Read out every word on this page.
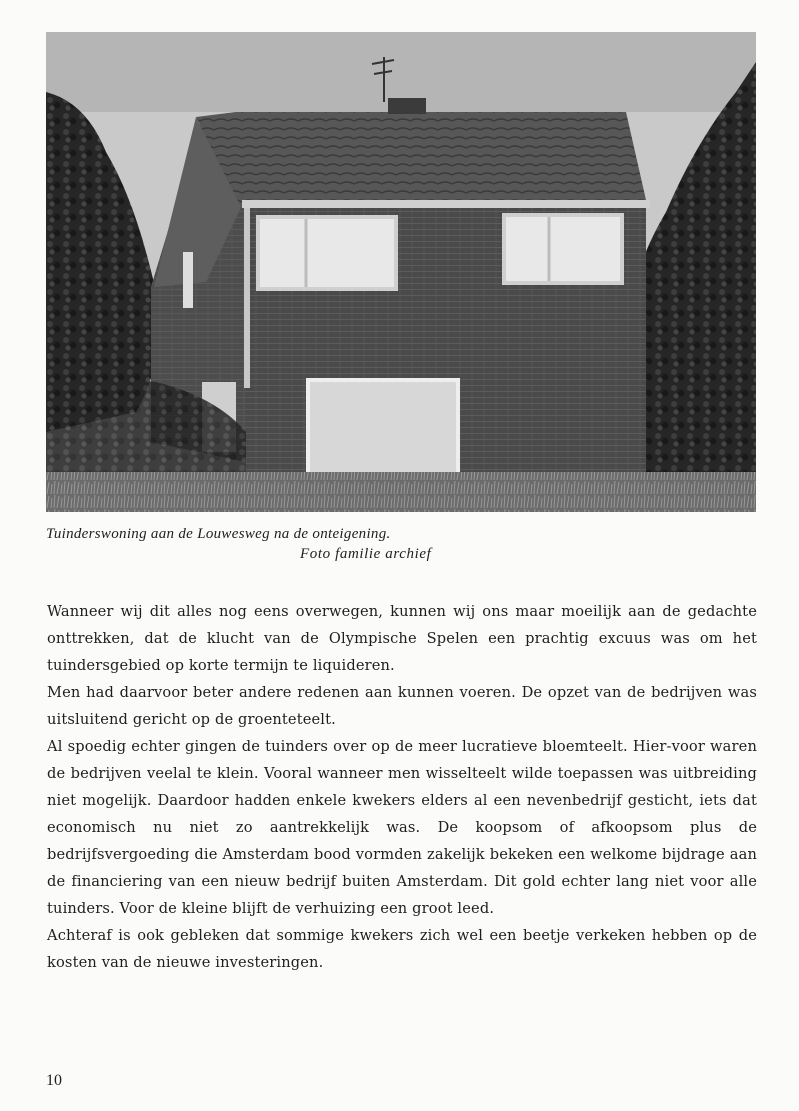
Tuinderswoning aan de Louwesweg na de onteigening.
Foto familie archief

Wanneer wij dit alles nog eens overwegen, kunnen wij ons maar moeilijk aan de gedachte onttrekken, dat de klucht van de Olympische Spelen een prachtig excuus was om het tuindersgebied op korte termijn te liquideren.

Men had daarvoor beter andere redenen aan kunnen voeren. De opzet van de bedrijven was uitsluitend gericht op de groenteteelt.

Al spoedig echter gingen de tuinders over op de meer lucratieve bloemteelt. Hier-voor waren de bedrijven veelal te klein. Vooral wanneer men wisselteelt wilde toepassen was uitbreiding niet mogelijk. Daardoor hadden enkele kwekers elders al een nevenbedrijf gesticht, iets dat economisch nu niet zo aantrekkelijk was. De koopsom of afkoopsom plus de bedrijfsvergoeding die Amsterdam bood vormden zakelijk bekeken een welkome bijdrage aan de financiering van een nieuw bedrijf buiten Amsterdam. Dit gold echter lang niet voor alle tuinders. Voor de kleine blijft de verhuizing een groot leed.

Achteraf is ook gebleken dat sommige kwekers zich wel een beetje verkeken hebben op de kosten van de nieuwe investeringen.

10
